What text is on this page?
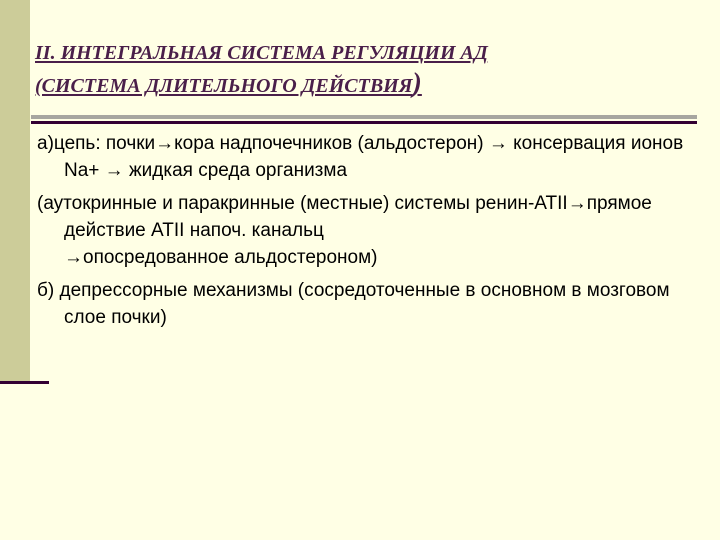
II. ИНТЕГРАЛЬНАЯ СИСТЕМА РЕГУЛЯЦИИ АД
(СИСТЕМА ДЛИТЕЛЬНОГО ДЕЙСТВИЯ)

а)цепь: почки→кора надпочечников (альдостерон) → консервация ионов Na+ → жидкая среда организма

(аутокринные и паракринные (местные) системы ренин-ATII→прямое действие ATII напоч. канальц

→опосредованное альдостероном)

б) депрессорные механизмы (сосредоточенные в основном в мозговом слое почки)
